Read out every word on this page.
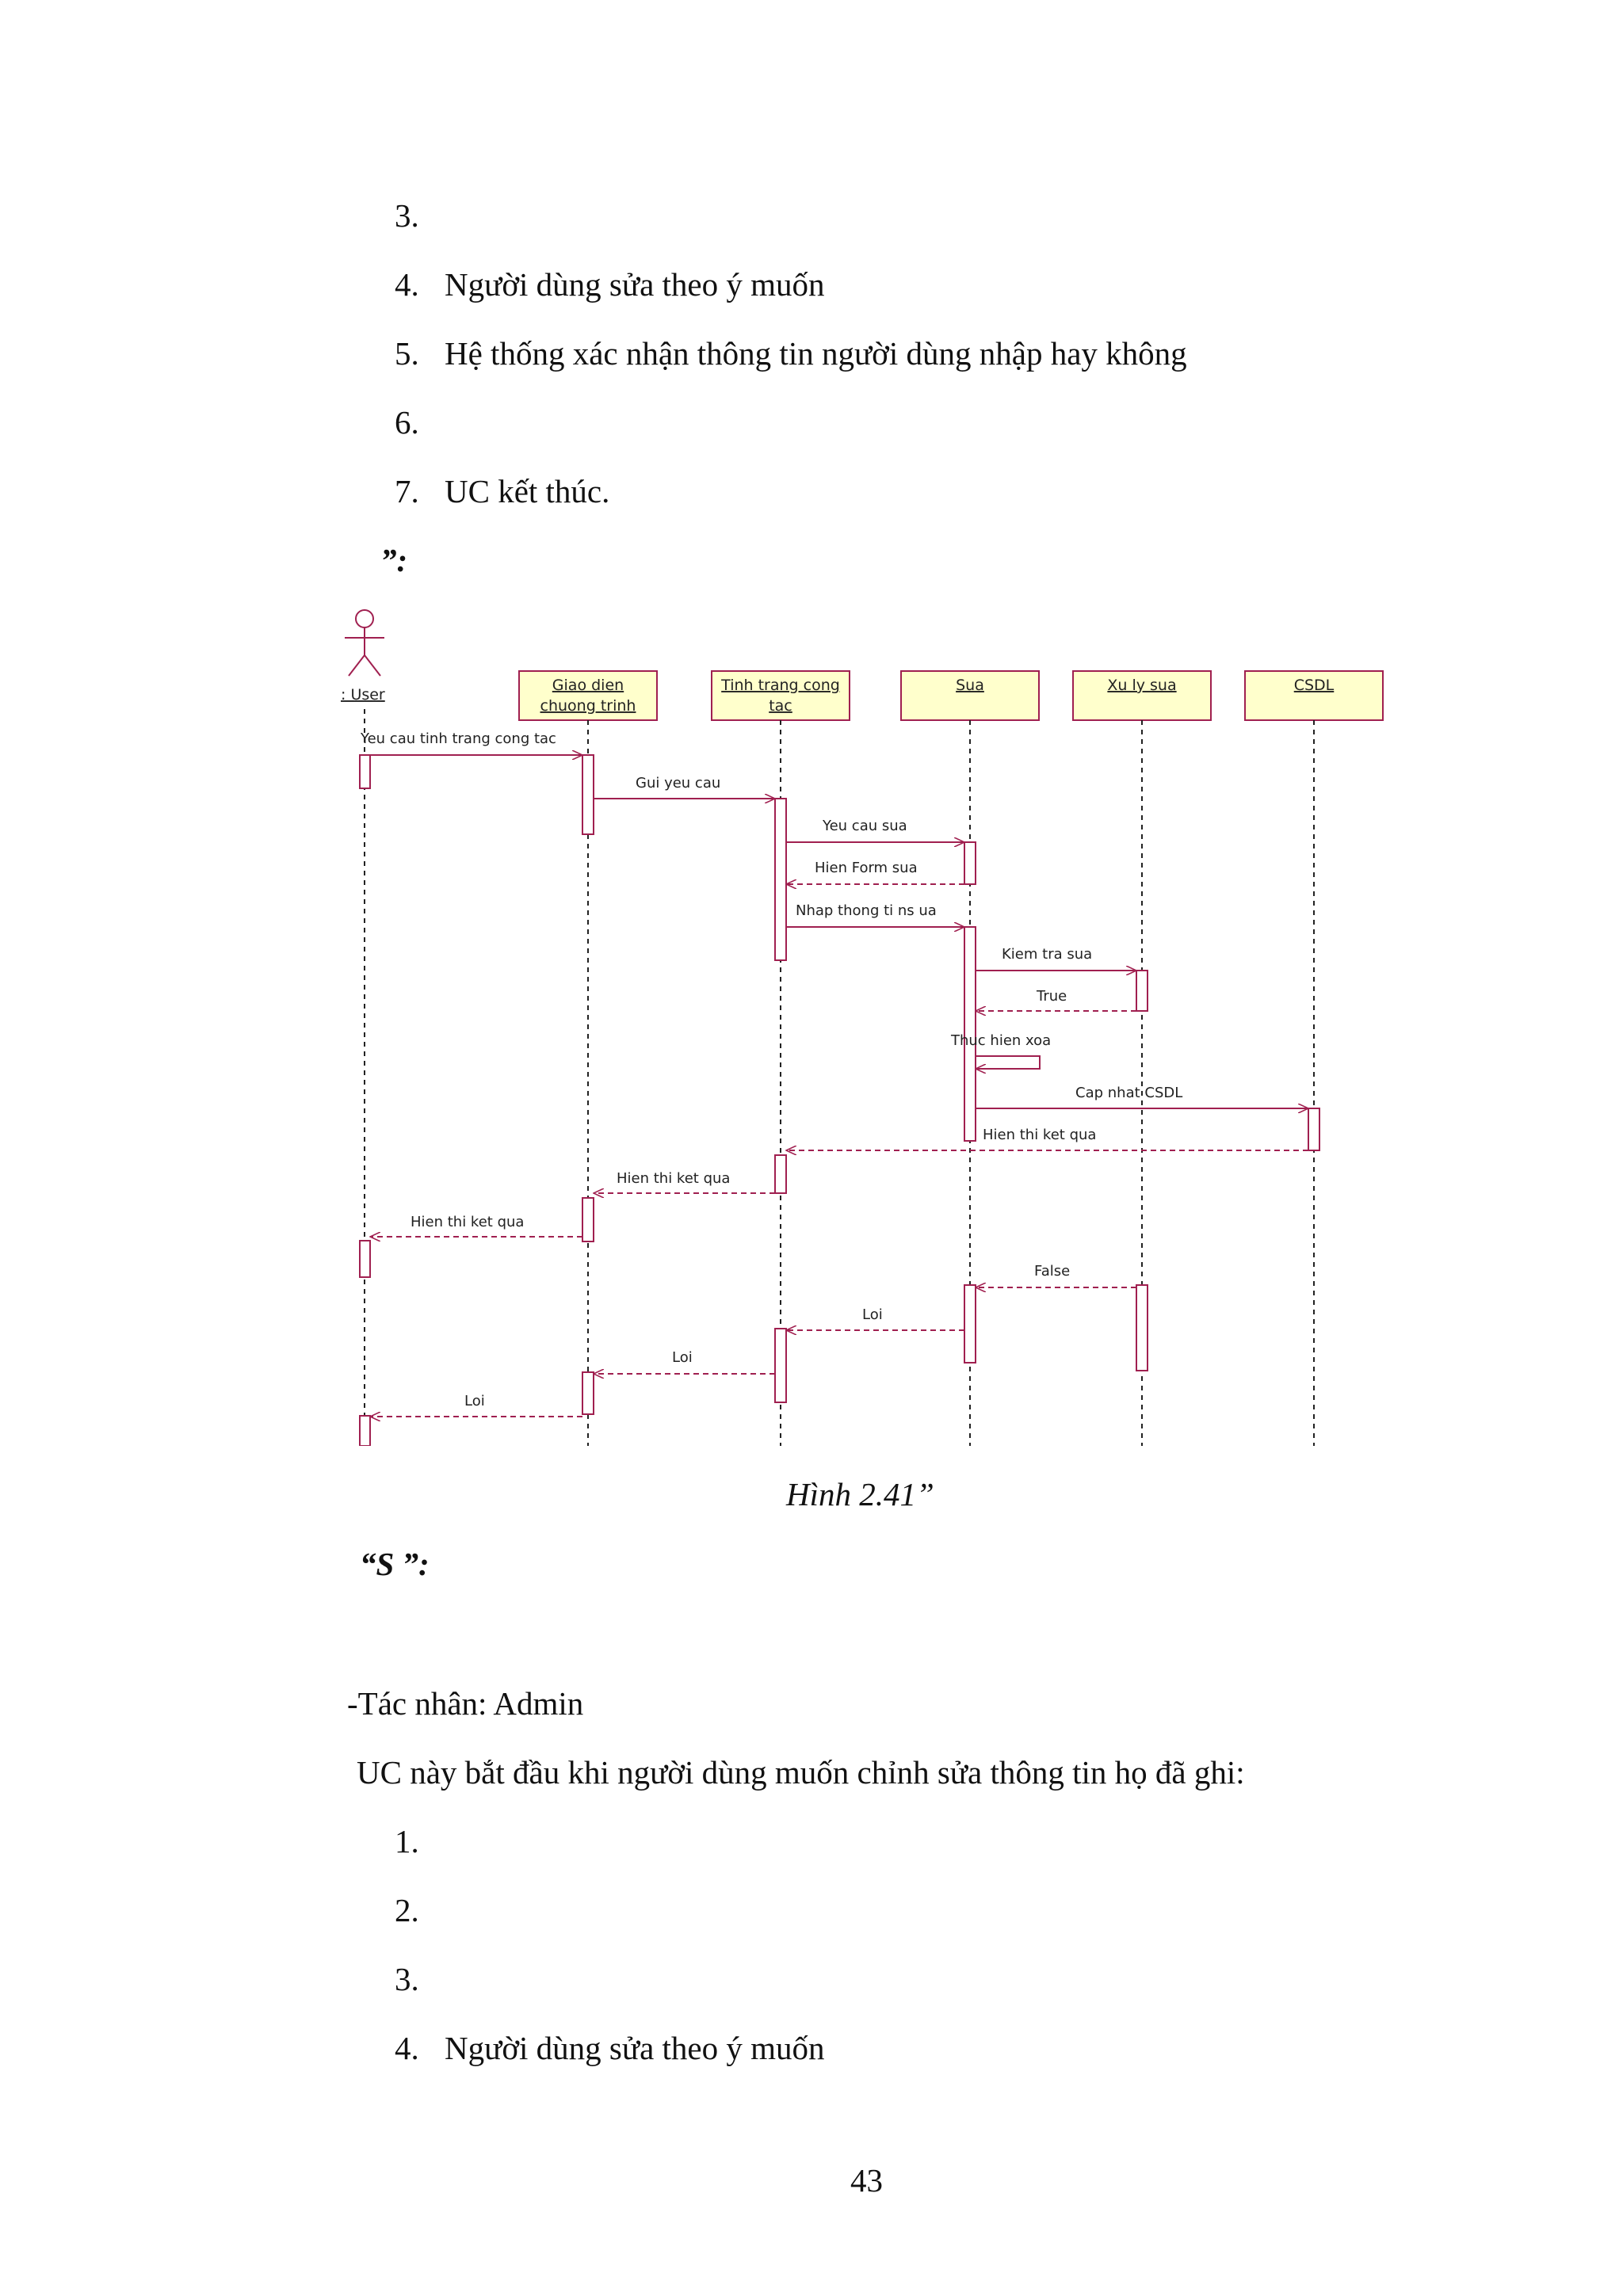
3.
4. Người dùng sửa theo ý muốn
5. Hệ thống xác nhận thông tin người dùng nhập hay không
6.
7. UC kết thúc.
”:
: User
Giao dien
chuong trinh
Tinh trang cong
tac
Sua	Xu ly sua	CSDL
Yeu cau tinh trang cong tac
Gui yeu cau
Yeu cau sua
Hien Form sua
Nhap thong ti ns ua
Kiem tra sua
True
Thuc hien xoa
Cap nhat CSDL
Hien thi ket qua
Hien thi ket qua
Hien thi ket qua
False
Loi
Loi
Loi
Hình 2.41”
“S ”:
-Tác nhân: Admin
UC này bắt đầu khi người dùng muốn chỉnh sửa thông tin họ đã ghi:
1.
2.
3.
4. Người dùng sửa theo ý muốn
43
